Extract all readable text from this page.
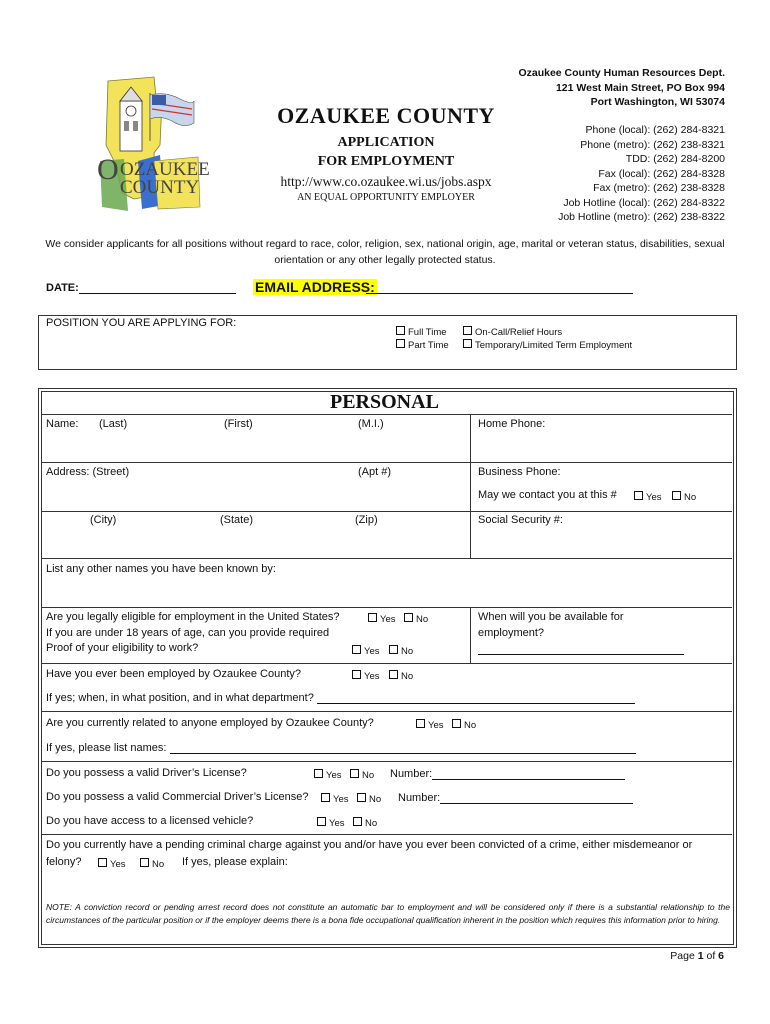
O OZAUKEE
COUNTY
OZAUKEE COUNTY
APPLICATION
FOR EMPLOYMENT
http://www.co.ozaukee.wi.us/jobs.aspx
AN EQUAL OPPORTUNITY EMPLOYER
Ozaukee County Human Resources Dept.
121 West Main Street, PO Box 994
Port Washington, WI 53074
Phone (local): (262) 284-8321
Phone (metro): (262) 238-8321
TDD: (262) 284-8200
Fax (local): (262) 284-8328
Fax (metro): (262) 238-8328
Job Hotline (local): (262) 284-8322
Job Hotline (metro): (262) 238-8322
We consider applicants for all positions without regard to race, color, religion, sex, national origin, age, marital or veteran status, disabilities, sexual orientation or any other legally protected status.
DATE:	EMAIL ADDRESS:
POSITION YOU ARE APPLYING FOR:
Full Time
Part Time
On-Call/Relief Hours
Temporary/Limited Term Employment
PERSONAL
Name: (Last)	(First)	(M.I.)	Home Phone:
Address: (Street)	(Apt #)	Business Phone:
May we contact you at this #	Yes	No
(City)	(State)	(Zip)	Social Security #:
List any other names you have been known by:
Are you legally eligible for employment in the United States?	Yes	No
If you are under 18 years of age, can you provide required
Proof of your eligibility to work?	Yes	No
When will you be available for
employment?
Have you ever been employed by Ozaukee County?	Yes	No
If yes; when, in what position, and in what department?
Are you currently related to anyone employed by Ozaukee County?	Yes	No
If yes, please list names:
Do you possess a valid Driver’s License?	Yes	No Number:
Do you possess a valid Commercial Driver’s License?	Yes	No Number:
Do you have access to a licensed vehicle?	Yes	No
Do you currently have a pending criminal charge against you and/or have you ever been convicted of a crime, either misdemeanor or
felony?	Yes	No If yes, please explain:
NOTE: A conviction record or pending arrest record does not constitute an automatic bar to employment and will be considered only if there is a substantial relationship to the circumstances of the particular position or if the employer deems there is a bona fide occupational qualification inherent in the position which requires this information prior to hiring.
Page 1 of 6
